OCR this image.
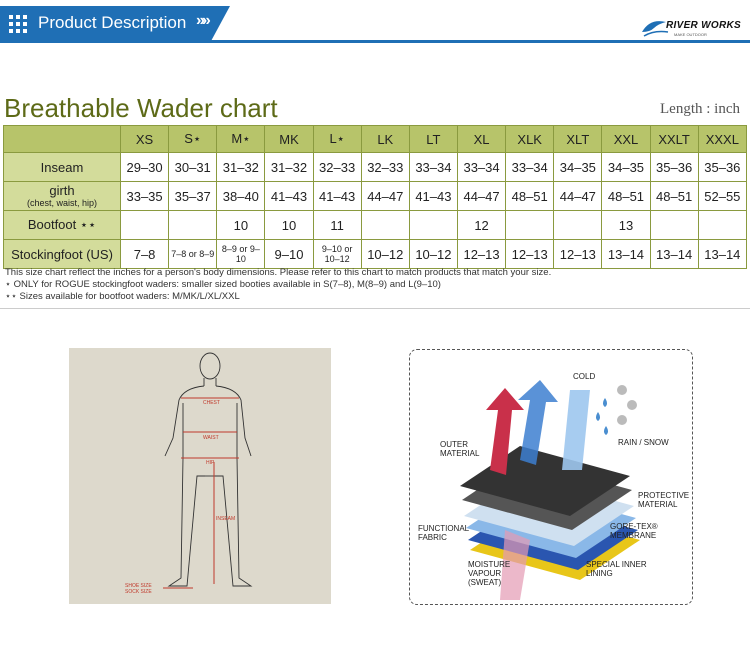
Product Description »»	RIVER WORKS
MAKE OUTDOOR
Breathable Wader chart	Length : inch
	XS	S⋆	M⋆	MK	L⋆	LK	LT	XL	XLK	XLT	XXL	XXLT	XXXL
Inseam	29–30	30–31	31–32	31–32	32–33	32–33	33–34	33–34	33–34	34–35	34–35	35–36	35–36

girth
(chest, waist, hip)	33–35	35–37	38–40	41–43	41–43	44–47	41–43	44–47	48–51	44–47	48–51	48–51	52–55
Bootfoot ⋆⋆			10	10	11			12			13		
Stockingfoot (US)	7–8	7–8 or 8–9	8–9 or 9–10	9–10	9–10 or 10–12	10–12	10–12	12–13	12–13	12–13	13–14	13–14	13–14
This size chart reflect the inches for a person's body dimensions. Please refer to this chart to match products that match your size.
⋆ ONLY for ROGUE stockingfoot waders: smaller sized booties available in S(7–8), M(8–9) and L(9–10)
⋆⋆ Sizes available for bootfoot waders: M/MK/L/XL/XXL
CHEST
WAIST
HIP
INSEAM
SHOE SIZE
SOCK SIZE
COLD
RAIN / SNOW
OUTER
MATERIAL
PROTECTIVE
MATERIAL
FUNCTIONAL
FABRIC
GORE-TEX®
MEMBRANE
MOISTURE
VAPOUR
(SWEAT)
SPECIAL INNER
LINING
